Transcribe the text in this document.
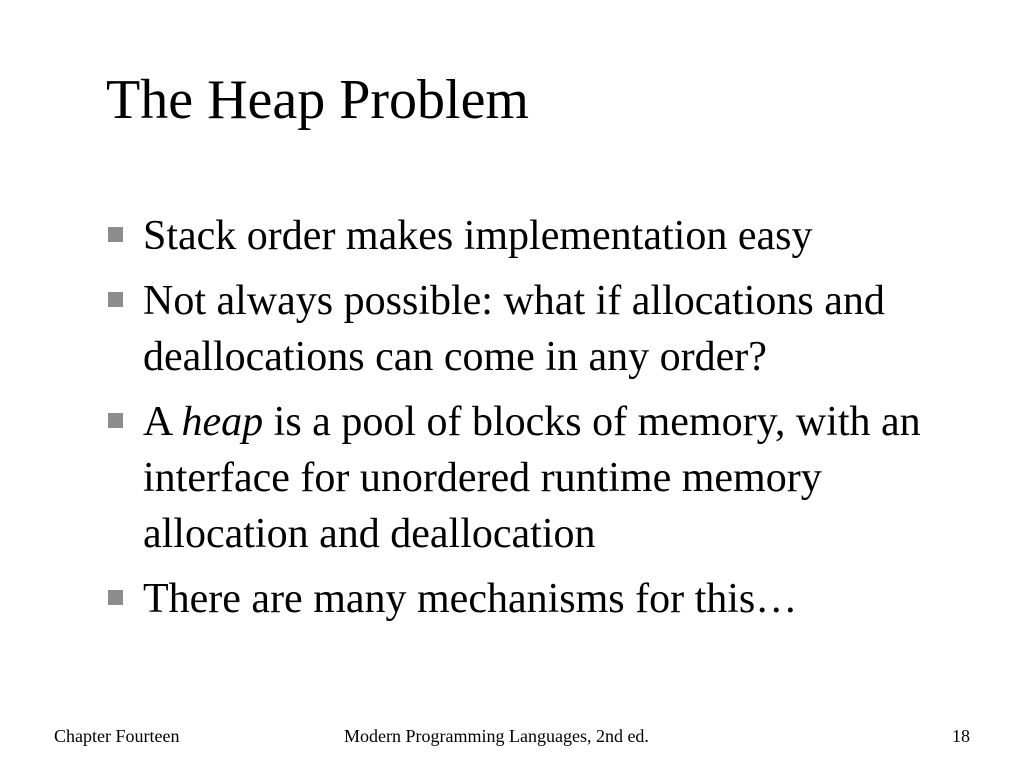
The Heap Problem

Stack order makes implementation easy

Not always possible: what if allocations and deallocations can come in any order?

A heap is a pool of blocks of memory, with an interface for unordered runtime memory allocation and deallocation

There are many mechanisms for this…

Chapter Fourteen	Modern Programming Languages, 2nd ed.	18
